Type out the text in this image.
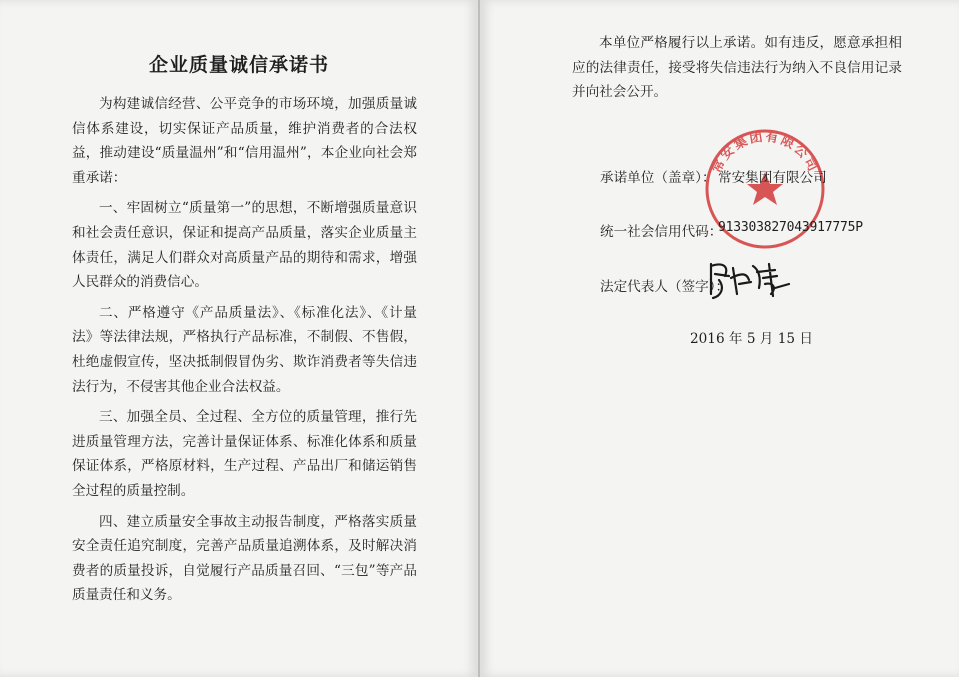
企业质量诚信承诺书

为构建诚信经营、公平竞争的市场环境，加强质量诚信体系建设，切实保证产品质量，维护消费者的合法权益，推动建设“质量温州”和“信用温州”，本企业向社会郑重承诺：

一、牢固树立“质量第一”的思想，不断增强质量意识和社会责任意识，保证和提高产品质量，落实企业质量主体责任，满足人们群众对高质量产品的期待和需求，增强人民群众的消费信心。

二、严格遵守《产品质量法》、《标准化法》、《计量法》等法律法规，严格执行产品标准，不制假、不售假，杜绝虚假宣传，坚决抵制假冒伪劣、欺诈消费者等失信违法行为，不侵害其他企业合法权益。

三、加强全员、全过程、全方位的质量管理，推行先进质量管理方法，完善计量保证体系、标准化体系和质量保证体系，严格原材料，生产过程、产品出厂和储运销售全过程的质量控制。

四、建立质量安全事故主动报告制度，严格落实质量安全责任追究制度，完善产品质量追溯体系，及时解决消费者的质量投诉，自觉履行产品质量召回、“三包”等产品质量责任和义务。

本单位严格履行以上承诺。如有违反，愿意承担相应的法律责任，接受将失信违法行为纳入不良信用记录并向社会公开。
常安集团有限公司
承诺单位（盖章）： 常安集团有限公司
统一社会信用代码：
913303827043917775P
法定代表人（签字）：
2016 年 5 月 15 日
